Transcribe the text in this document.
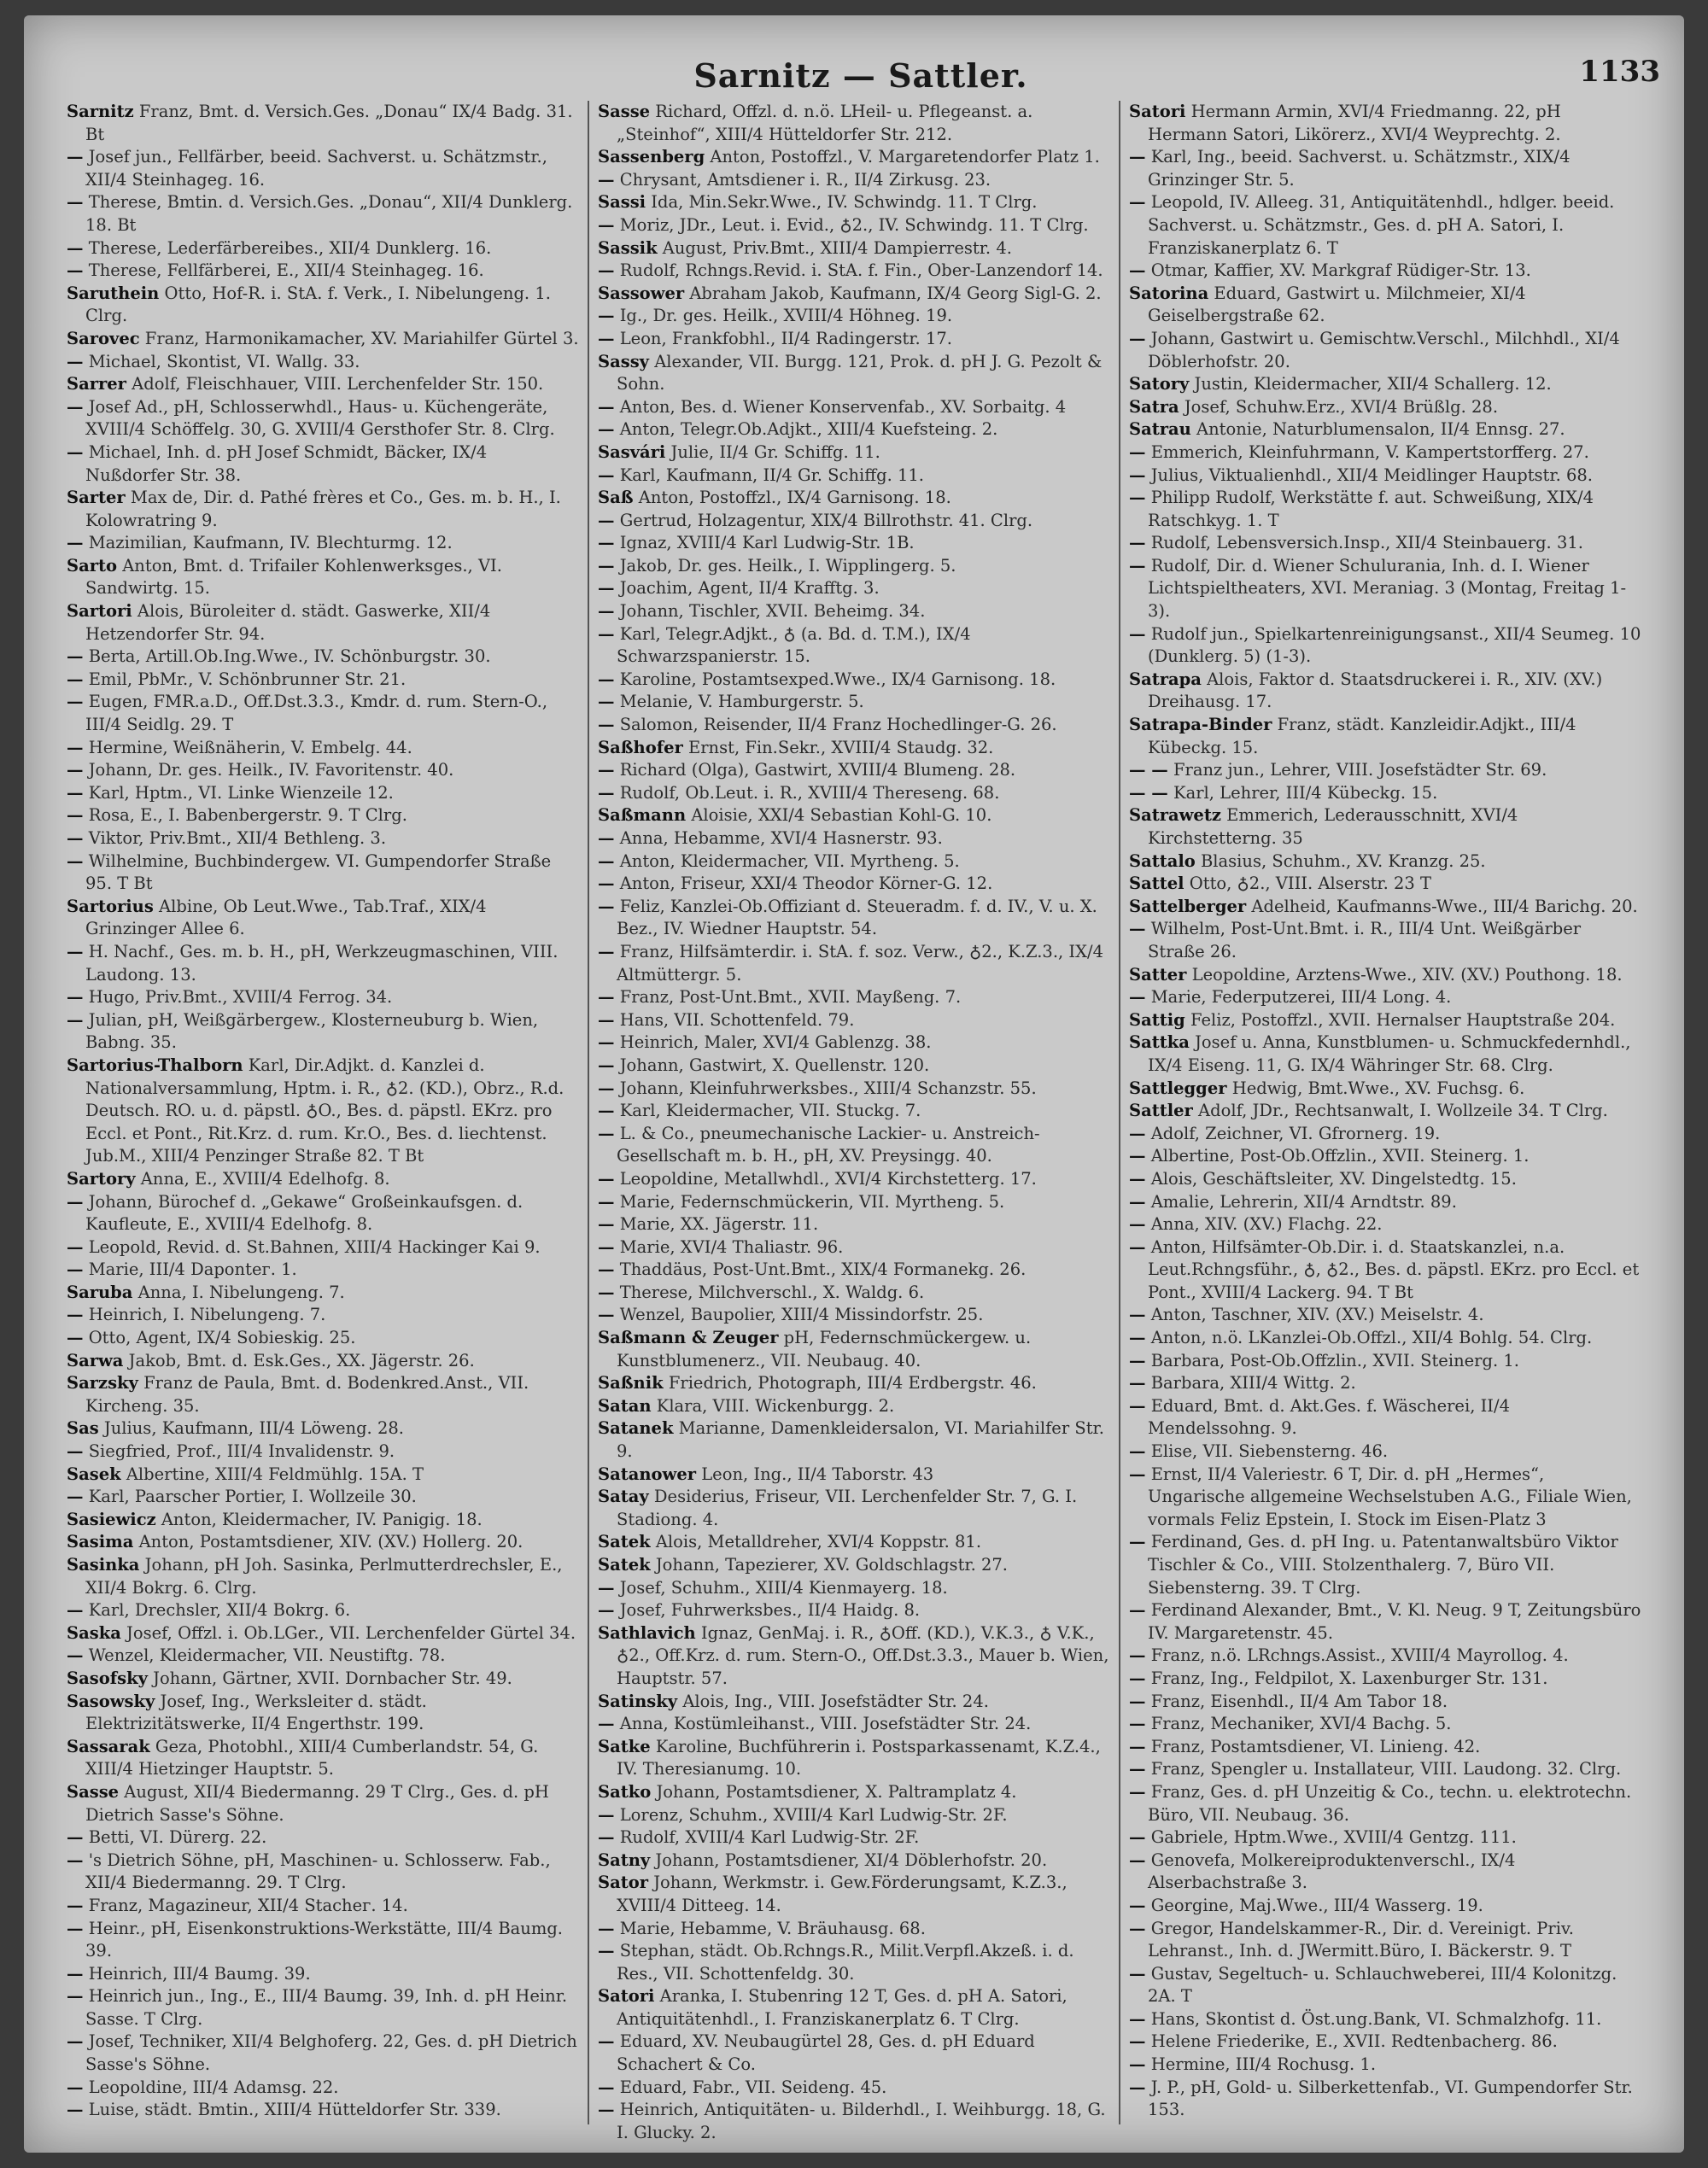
Sarnitz — Sattler.	1133
Sarnitz Franz, Bmt. d. Versich.Ges. „Donau“ IX/4 Badg. 31. Bt
— Josef jun., Fellfärber, beeid. Sachverst. u. Schätzmstr., XII/4 Steinhageg. 16.
— Therese, Bmtin. d. Versich.Ges. „Donau“, XII/4 Dunklerg. 18. Bt
— Therese, Lederfärbereibes., XII/4 Dunklerg. 16.
— Therese, Fellfärberei, E., XII/4 Steinhageg. 16.
Saruthein Otto, Hof-R. i. StA. f. Verk., I. Nibelungeng. 1. Clrg.
Sarovec Franz, Harmonikamacher, XV. Mariahilfer Gürtel 3.
— Michael, Skontist, VI. Wallg. 33.
Sarrer Adolf, Fleischhauer, VIII. Lerchenfelder Str. 150.
— Josef Ad., pH, Schlosserwhdl., Haus- u. Küchengeräte, XVIII/4 Schöffelg. 30, G. XVIII/4 Gersthofer Str. 8. Clrg.
— Michael, Inh. d. pH Josef Schmidt, Bäcker, IX/4 Nußdorfer Str. 38.
Sarter Max de, Dir. d. Pathé frères et Co., Ges. m. b. H., I. Kolowratring 9.
— Mazimilian, Kaufmann, IV. Blechturmg. 12.
Sarto Anton, Bmt. d. Trifailer Kohlenwerksges., VI. Sandwirtg. 15.
Sartori Alois, Büroleiter d. städt. Gaswerke, XII/4 Hetzendorfer Str. 94.
— Berta, Artill.Ob.Ing.Wwe., IV. Schönburgstr. 30.
— Emil, PbMr., V. Schönbrunner Str. 21.
— Eugen, FMR.a.D., Off.Dst.3.3., Kmdr. d. rum. Stern-O., III/4 Seidlg. 29. T
— Hermine, Weißnäherin, V. Embelg. 44.
— Johann, Dr. ges. Heilk., IV. Favoritenstr. 40.
— Karl, Hptm., VI. Linke Wienzeile 12.
— Rosa, E., I. Babenbergerstr. 9. T Clrg.
— Viktor, Priv.Bmt., XII/4 Bethleng. 3.
— Wilhelmine, Buchbindergew. VI. Gumpendorfer Straße 95. T Bt
Sartorius Albine, Ob Leut.Wwe., Tab.Traf., XIX/4 Grinzinger Allee 6.
— H. Nachf., Ges. m. b. H., pH, Werkzeugmaschinen, VIII. Laudong. 13.
— Hugo, Priv.Bmt., XVIII/4 Ferrog. 34.
— Julian, pH, Weißgärbergew., Klosterneuburg b. Wien, Babng. 35.
Sartorius-Thalborn Karl, Dir.Adjkt. d. Kanzlei d. Nationalversammlung, Hptm. i. R., ♁2. (KD.), Obrz., R.d. Deutsch. RO. u. d. päpstl. ♁O., Bes. d. päpstl. EKrz. pro Eccl. et Pont., Rit.Krz. d. rum. Kr.O., Bes. d. liechtenst. Jub.M., XIII/4 Penzinger Straße 82. T Bt
Sartory Anna, E., XVIII/4 Edelhofg. 8.
— Johann, Bürochef d. „Gekawe“ Großeinkaufsgen. d. Kaufleute, E., XVIII/4 Edelhofg. 8.
— Leopold, Revid. d. St.Bahnen, XIII/4 Hackinger Kai 9.
— Marie, III/4 Dapontег. 1.
Saruba Anna, I. Nibelungeng. 7.
— Heinrich, I. Nibelungeng. 7.
— Otto, Agent, IX/4 Sobieskig. 25.
Sarwa Jakob, Bmt. d. Esk.Ges., XX. Jägerstr. 26.
Sarzsky Franz de Paula, Bmt. d. Bodenkred.Anst., VII. Kircheng. 35.
Sas Julius, Kaufmann, III/4 Löweng. 28.
— Siegfried, Prof., III/4 Invalidenstr. 9.
Sasek Albertine, XIII/4 Feldmühlg. 15A. T
— Karl, Paarscher Portier, I. Wollzeile 30.
Sasiewicz Anton, Kleidermacher, IV. Panigig. 18.
Sasima Anton, Postamtsdiener, XIV. (XV.) Hollerg. 20.
Sasinka Johann, pH Joh. Sasinka, Perlmutterdrechsler, E., XII/4 Bokrg. 6. Clrg.
— Karl, Drechsler, XII/4 Bokrg. 6.
Saska Josef, Offzl. i. Ob.LGer., VII. Lerchenfelder Gürtel 34.
— Wenzel, Kleidermacher, VII. Neustiftg. 78.
Sasofsky Johann, Gärtner, XVII. Dornbacher Str. 49.
Sasowsky Josef, Ing., Werksleiter d. städt. Elektrizitätswerke, II/4 Engerthstr. 199.
Sassarak Geza, Photobhl., XIII/4 Cumberlandstr. 54, G. XIII/4 Hietzinger Hauptstr. 5.
Sasse August, XII/4 Biedermanng. 29 T Clrg., Ges. d. pH Dietrich Sasse's Söhne.
— Betti, VI. Dürerg. 22.
— 's Dietrich Söhne, pH, Maschinen- u. Schlosserw. Fab., XII/4 Biedermanng. 29. T Clrg.
— Franz, Magazineur, XII/4 Stachег. 14.
— Heinr., pH, Eisenkonstruktions-Werkstätte, III/4 Baumg. 39.
— Heinrich, III/4 Baumg. 39.
— Heinrich jun., Ing., E., III/4 Baumg. 39, Inh. d. pH Heinr. Sasse. T Clrg.
— Josef, Techniker, XII/4 Belghoferg. 22, Ges. d. pH Dietrich Sasse's Söhne.
— Leopoldine, III/4 Adamsg. 22.
— Luise, städt. Bmtin., XIII/4 Hütteldorfer Str. 339.
Sasse Richard, Offzl. d. n.ö. LHeil- u. Pflegeanst. a. „Steinhof“, XIII/4 Hütteldorfer Str. 212.
Sassenberg Anton, Postoffzl., V. Margaretendorfer Platz 1.
— Chrysant, Amtsdiener i. R., II/4 Zirkusg. 23.
Sassi Ida, Min.Sekr.Wwe., IV. Schwindg. 11. T Clrg.
— Moriz, JDr., Leut. i. Evid., ♁2., IV. Schwindg. 11. T Clrg.
Sassik August, Priv.Bmt., XIII/4 Dampierrestr. 4.
— Rudolf, Rchngs.Revid. i. StA. f. Fin., Ober-Lanzendorf 14.
Sassower Abraham Jakob, Kaufmann, IX/4 Georg Sigl-G. 2.
— Ig., Dr. ges. Heilk., XVIII/4 Höhneg. 19.
— Leon, Frankfobhl., II/4 Radingerstr. 17.
Sassy Alexander, VII. Burgg. 121, Prok. d. pH J. G. Pezolt & Sohn.
— Anton, Bes. d. Wiener Konservenfab., XV. Sorbaitg. 4
— Anton, Telegr.Ob.Adjkt., XIII/4 Kuefsteing. 2.
Sasvári Julie, II/4 Gr. Schiffg. 11.
— Karl, Kaufmann, II/4 Gr. Schiffg. 11.
Saß Anton, Postoffzl., IX/4 Garnisong. 18.
— Gertrud, Holzagentur, XIX/4 Billrothstr. 41. Clrg.
— Ignaz, XVIII/4 Karl Ludwig-Str. 1B.
— Jakob, Dr. ges. Heilk., I. Wipplingerg. 5.
— Joachim, Agent, II/4 Krafftg. 3.
— Johann, Tischler, XVII. Beheimg. 34.
— Karl, Telegr.Adjkt., ♁ (a. Bd. d. T.M.), IX/4 Schwarzspanierstr. 15.
— Karoline, Postamtsexped.Wwe., IX/4 Garnisong. 18.
— Melanie, V. Hamburgerstr. 5.
— Salomon, Reisender, II/4 Franz Hochedlinger-G. 26.
Saßhofer Ernst, Fin.Sekr., XVIII/4 Staudg. 32.
— Richard (Olga), Gastwirt, XVIII/4 Blumeng. 28.
— Rudolf, Ob.Leut. i. R., XVIII/4 Thereseng. 68.
Saßmann Aloisie, XXI/4 Sebastian Kohl-G. 10.
— Anna, Hebamme, XVI/4 Hasnerstr. 93.
— Anton, Kleidermacher, VII. Myrtheng. 5.
— Anton, Friseur, XXI/4 Theodor Körner-G. 12.
— Feliz, Kanzlei-Ob.Offiziant d. Steueradm. f. d. IV., V. u. X. Bez., IV. Wiedner Hauptstr. 54.
— Franz, Hilfsämterdir. i. StA. f. soz. Verw., ♁2., K.Z.3., IX/4 Altmüttergr. 5.
— Franz, Post-Unt.Bmt., XVII. Mayßeng. 7.
— Hans, VII. Schottenfeld. 79.
— Heinrich, Maler, XVI/4 Gablenzg. 38.
— Johann, Gastwirt, X. Quellenstr. 120.
— Johann, Kleinfuhrwerksbes., XIII/4 Schanzstr. 55.
— Karl, Kleidermacher, VII. Stuckg. 7.
— L. & Co., pneumechanische Lackier- u. Anstreich-Gesellschaft m. b. H., pH, XV. Preysingg. 40.
— Leopoldine, Metallwhdl., XVI/4 Kirchstetterg. 17.
— Marie, Federnschmückerin, VII. Myrtheng. 5.
— Marie, XX. Jägerstr. 11.
— Marie, XVI/4 Thaliastr. 96.
— Thaddäus, Post-Unt.Bmt., XIX/4 Formanekg. 26.
— Therese, Milchverschl., X. Waldg. 6.
— Wenzel, Baupolier, XIII/4 Missindorfstr. 25.
Saßmann & Zeuger pH, Federnschmückergew. u. Kunstblumenerz., VII. Neubaug. 40.
Saßnik Friedrich, Photograph, III/4 Erdbergstr. 46.
Satan Klara, VIII. Wickenburgg. 2.
Satanek Marianne, Damenkleidersalon, VI. Mariahilfer Str. 9.
Satanower Leon, Ing., II/4 Taborstr. 43
Satay Desiderius, Friseur, VII. Lerchenfelder Str. 7, G. I. Stadiong. 4.
Satek Alois, Metalldreher, XVI/4 Koppstr. 81.
Satek Johann, Tapezierer, XV. Goldschlagstr. 27.
— Josef, Schuhm., XIII/4 Kienmayerg. 18.
— Josef, Fuhrwerksbes., II/4 Haidg. 8.
Sathlavich Ignaz, GenMaj. i. R., ♁Off. (KD.), V.K.3., ♁ V.K., ♁2., Off.Krz. d. rum. Stern-O., Off.Dst.3.3., Mauer b. Wien, Hauptstr. 57.
Satinsky Alois, Ing., VIII. Josefstädter Str. 24.
— Anna, Kostümleihanst., VIII. Josefstädter Str. 24.
Satke Karoline, Buchführerin i. Postsparkassenamt, K.Z.4., IV. Theresianumg. 10.
Satko Johann, Postamtsdiener, X. Paltramplatz 4.
— Lorenz, Schuhm., XVIII/4 Karl Ludwig-Str. 2F.
— Rudolf, XVIII/4 Karl Ludwig-Str. 2F.
Satny Johann, Postamtsdiener, XI/4 Döblerhofstr. 20.
Sator Johann, Werkmstr. i. Gew.Förderungsamt, K.Z.3., XVIII/4 Ditteeg. 14.
— Marie, Hebamme, V. Bräuhausg. 68.
— Stephan, städt. Ob.Rchngs.R., Milit.Verpfl.Akzeß. i. d. Res., VII. Schottenfeldg. 30.
Satori Aranka, I. Stubenring 12 T, Ges. d. pH A. Satori, Antiquitätenhdl., I. Franziskanerplatz 6. T Clrg.
— Eduard, XV. Neubaugürtel 28, Ges. d. pH Eduard Schachert & Co.
— Eduard, Fabr., VII. Seideng. 45.
— Heinrich, Antiquitäten- u. Bilderhdl., I. Weihburgg. 18, G. I. Glucky. 2.
Satori Hermann Armin, XVI/4 Friedmanng. 22, pH Hermann Satori, Likörerz., XVI/4 Weyprechtg. 2.
— Karl, Ing., beeid. Sachverst. u. Schätzmstr., XIX/4 Grinzinger Str. 5.
— Leopold, IV. Alleeg. 31, Antiquitätenhdl., hdlger. beeid. Sachverst. u. Schätzmstr., Ges. d. pH A. Satori, I. Franziskanerplatz 6. T
— Otmar, Kaffier, XV. Markgraf Rüdiger-Str. 13.
Satorina Eduard, Gastwirt u. Milchmeier, XI/4 Geiselbergstraße 62.
— Johann, Gastwirt u. Gemischtw.Verschl., Milchhdl., XI/4 Döblerhofstr. 20.
Satory Justin, Kleidermacher, XII/4 Schallerg. 12.
Satra Josef, Schuhw.Erz., XVI/4 Brüßlg. 28.
Satrau Antonie, Naturblumensalon, II/4 Ennsg. 27.
— Emmerich, Kleinfuhrmann, V. Kampertstorfferg. 27.
— Julius, Viktualienhdl., XII/4 Meidlinger Hauptstr. 68.
— Philipp Rudolf, Werkstätte f. aut. Schweißung, XIX/4 Ratschkyg. 1. T
— Rudolf, Lebensversich.Insp., XII/4 Steinbauerg. 31.
— Rudolf, Dir. d. Wiener Schulurania, Inh. d. I. Wiener Lichtspieltheaters, XVI. Meraniag. 3 (Montag, Freitag 1-3).
— Rudolf jun., Spielkartenreinigungsanst., XII/4 Seumeg. 10 (Dunklerg. 5) (1-3).
Satrapa Alois, Faktor d. Staatsdruckerei i. R., XIV. (XV.) Dreihausg. 17.
Satrapa-Binder Franz, städt. Kanzleidir.Adjkt., III/4 Kübeckg. 15.
— — Franz jun., Lehrer, VIII. Josefstädter Str. 69.
— — Karl, Lehrer, III/4 Kübeckg. 15.
Satrawetz Emmerich, Lederausschnitt, XVI/4 Kirchstetterng. 35
Sattalo Blasius, Schuhm., XV. Kranzg. 25.
Sattel Otto, ♁2., VIII. Alserstr. 23 T
Sattelberger Adelheid, Kaufmanns-Wwe., III/4 Barichg. 20.
— Wilhelm, Post-Unt.Bmt. i. R., III/4 Unt. Weißgärber Straße 26.
Satter Leopoldine, Arztens-Wwe., XIV. (XV.) Pouthong. 18.
— Marie, Federputzerei, III/4 Long. 4.
Sattig Feliz, Postoffzl., XVII. Hernalser Hauptstraße 204.
Sattka Josef u. Anna, Kunstblumen- u. Schmuckfedernhdl., IX/4 Eiseng. 11, G. IX/4 Währinger Str. 68. Clrg.
Sattlegger Hedwig, Bmt.Wwe., XV. Fuchsg. 6.
Sattler Adolf, JDr., Rechtsanwalt, I. Wollzeile 34. T Clrg.
— Adolf, Zeichner, VI. Gfrornerg. 19.
— Albertine, Post-Ob.Offzlin., XVII. Steinerg. 1.
— Alois, Geschäftsleiter, XV. Dingelstedtg. 15.
— Amalie, Lehrerin, XII/4 Arndtstr. 89.
— Anna, XIV. (XV.) Flachg. 22.
— Anton, Hilfsämter-Ob.Dir. i. d. Staatskanzlei, n.a. Leut.Rchngsführ., ♁, ♁2., Bes. d. päpstl. EKrz. pro Eccl. et Pont., XVIII/4 Lackerg. 94. T Bt
— Anton, Taschner, XIV. (XV.) Meiselstr. 4.
— Anton, n.ö. LKanzlei-Ob.Offzl., XII/4 Bohlg. 54. Clrg.
— Barbara, Post-Ob.Offzlin., XVII. Steinerg. 1.
— Barbara, XIII/4 Wittg. 2.
— Eduard, Bmt. d. Akt.Ges. f. Wäscherei, II/4 Mendelssohng. 9.
— Elise, VII. Siebensterng. 46.
— Ernst, II/4 Valeriestr. 6 T, Dir. d. pH „Hermes“, Ungarische allgemeine Wechselstuben A.G., Filiale Wien, vormals Feliz Epstein, I. Stock im Eisen-Platz 3
— Ferdinand, Ges. d. pH Ing. u. Patentanwaltsbüro Viktor Tischler & Co., VIII. Stolzenthalerg. 7, Büro VII. Siebensterng. 39. T Clrg.
— Ferdinand Alexander, Bmt., V. Kl. Neug. 9 T, Zeitungsbüro IV. Margaretenstr. 45.
— Franz, n.ö. LRchngs.Assist., XVIII/4 Mayrollog. 4.
— Franz, Ing., Feldpilot, X. Laxenburger Str. 131.
— Franz, Eisenhdl., II/4 Am Tabor 18.
— Franz, Mechaniker, XVI/4 Bachg. 5.
— Franz, Postamtsdiener, VI. Linieng. 42.
— Franz, Spengler u. Installateur, VIII. Laudong. 32. Clrg.
— Franz, Ges. d. pH Unzeitig & Co., techn. u. elektrotechn. Büro, VII. Neubaug. 36.
— Gabriele, Hptm.Wwe., XVIII/4 Gentzg. 111.
— Genovefa, Molkereiproduktenverschl., IX/4 Alserbachstraße 3.
— Georgine, Maj.Wwe., III/4 Wasserg. 19.
— Gregor, Handelskammer-R., Dir. d. Vereinigt. Priv. Lehranst., Inh. d. JWermitt.Büro, I. Bäckerstr. 9. T
— Gustav, Segeltuch- u. Schlauchweberei, III/4 Kolonitzg. 2A. T
— Hans, Skontist d. Öst.ung.Bank, VI. Schmalzhofg. 11.
— Helene Friederike, E., XVII. Redtenbacherg. 86.
— Hermine, III/4 Rochusg. 1.
— J. P., pH, Gold- u. Silberkettenfab., VI. Gumpendorfer Str. 153.
